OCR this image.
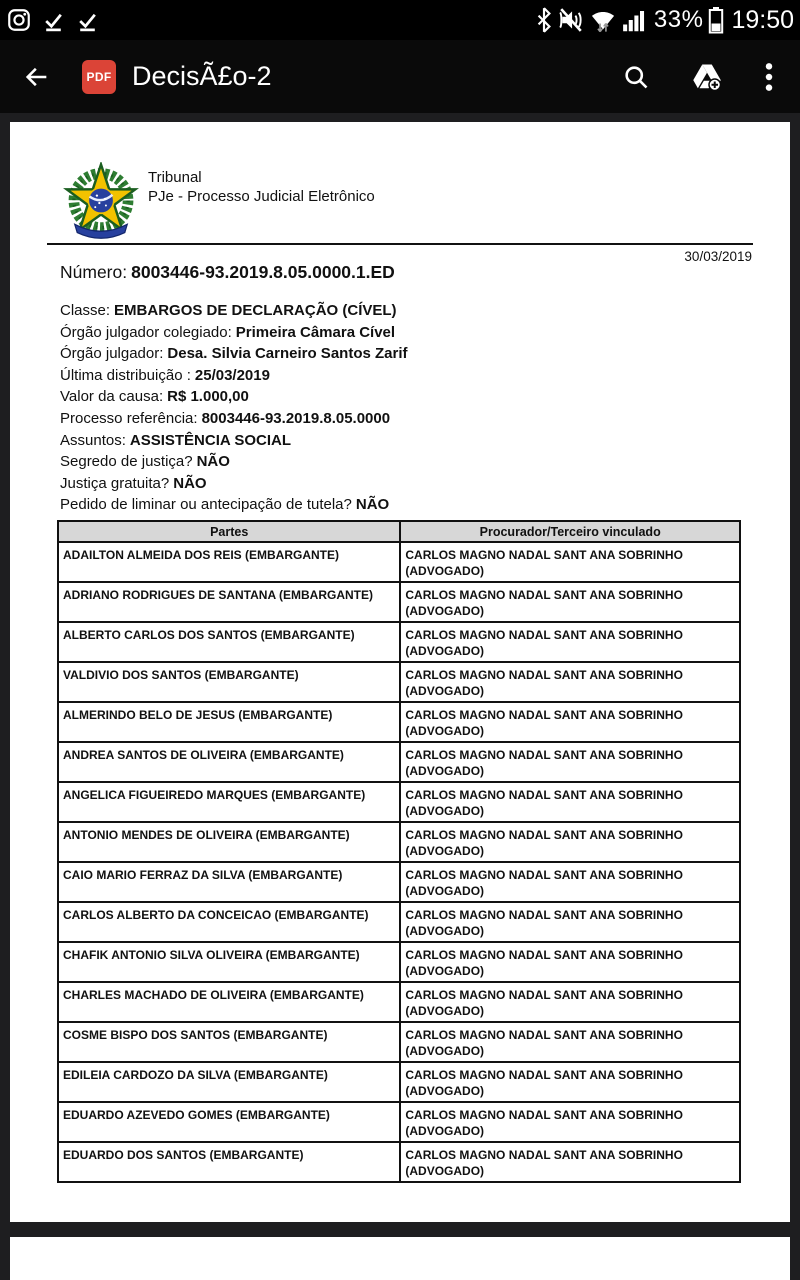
33% 19:50
PDF DecisÃ£o-2
Tribunal
PJe - Processo Judicial Eletrônico
30/03/2019
Número: 8003446-93.2019.8.05.0000.1.ED
Classe: EMBARGOS DE DECLARAÇÃO (CÍVEL)
Órgão julgador colegiado: Primeira Câmara Cível
Órgão julgador: Desa. Silvia Carneiro Santos Zarif
Última distribuição : 25/03/2019
Valor da causa: R$ 1.000,00
Processo referência: 8003446-93.2019.8.05.0000
Assuntos: ASSISTÊNCIA SOCIAL
Segredo de justiça? NÃO
Justiça gratuita? NÃO
Pedido de liminar ou antecipação de tutela? NÃO
Partes	Procurador/Terceiro vinculado
ADAILTON ALMEIDA DOS REIS (EMBARGANTE)	CARLOS MAGNO NADAL SANT ANA SOBRINHO
(ADVOGADO)

ADRIANO RODRIGUES DE SANTANA (EMBARGANTE)	CARLOS MAGNO NADAL SANT ANA SOBRINHO
(ADVOGADO)

ALBERTO CARLOS DOS SANTOS (EMBARGANTE)	CARLOS MAGNO NADAL SANT ANA SOBRINHO
(ADVOGADO)

VALDIVIO DOS SANTOS (EMBARGANTE)	CARLOS MAGNO NADAL SANT ANA SOBRINHO
(ADVOGADO)

ALMERINDO BELO DE JESUS (EMBARGANTE)	CARLOS MAGNO NADAL SANT ANA SOBRINHO
(ADVOGADO)

ANDREA SANTOS DE OLIVEIRA (EMBARGANTE)	CARLOS MAGNO NADAL SANT ANA SOBRINHO
(ADVOGADO)

ANGELICA FIGUEIREDO MARQUES (EMBARGANTE)	CARLOS MAGNO NADAL SANT ANA SOBRINHO
(ADVOGADO)

ANTONIO MENDES DE OLIVEIRA (EMBARGANTE)	CARLOS MAGNO NADAL SANT ANA SOBRINHO
(ADVOGADO)

CAIO MARIO FERRAZ DA SILVA (EMBARGANTE)	CARLOS MAGNO NADAL SANT ANA SOBRINHO
(ADVOGADO)

CARLOS ALBERTO DA CONCEICAO (EMBARGANTE)	CARLOS MAGNO NADAL SANT ANA SOBRINHO
(ADVOGADO)

CHAFIK ANTONIO SILVA OLIVEIRA (EMBARGANTE)	CARLOS MAGNO NADAL SANT ANA SOBRINHO
(ADVOGADO)

CHARLES MACHADO DE OLIVEIRA (EMBARGANTE)	CARLOS MAGNO NADAL SANT ANA SOBRINHO
(ADVOGADO)

COSME BISPO DOS SANTOS (EMBARGANTE)	CARLOS MAGNO NADAL SANT ANA SOBRINHO
(ADVOGADO)

EDILEIA CARDOZO DA SILVA (EMBARGANTE)	CARLOS MAGNO NADAL SANT ANA SOBRINHO
(ADVOGADO)

EDUARDO AZEVEDO GOMES (EMBARGANTE)	CARLOS MAGNO NADAL SANT ANA SOBRINHO
(ADVOGADO)

EDUARDO DOS SANTOS (EMBARGANTE)	CARLOS MAGNO NADAL SANT ANA SOBRINHO
(ADVOGADO)
